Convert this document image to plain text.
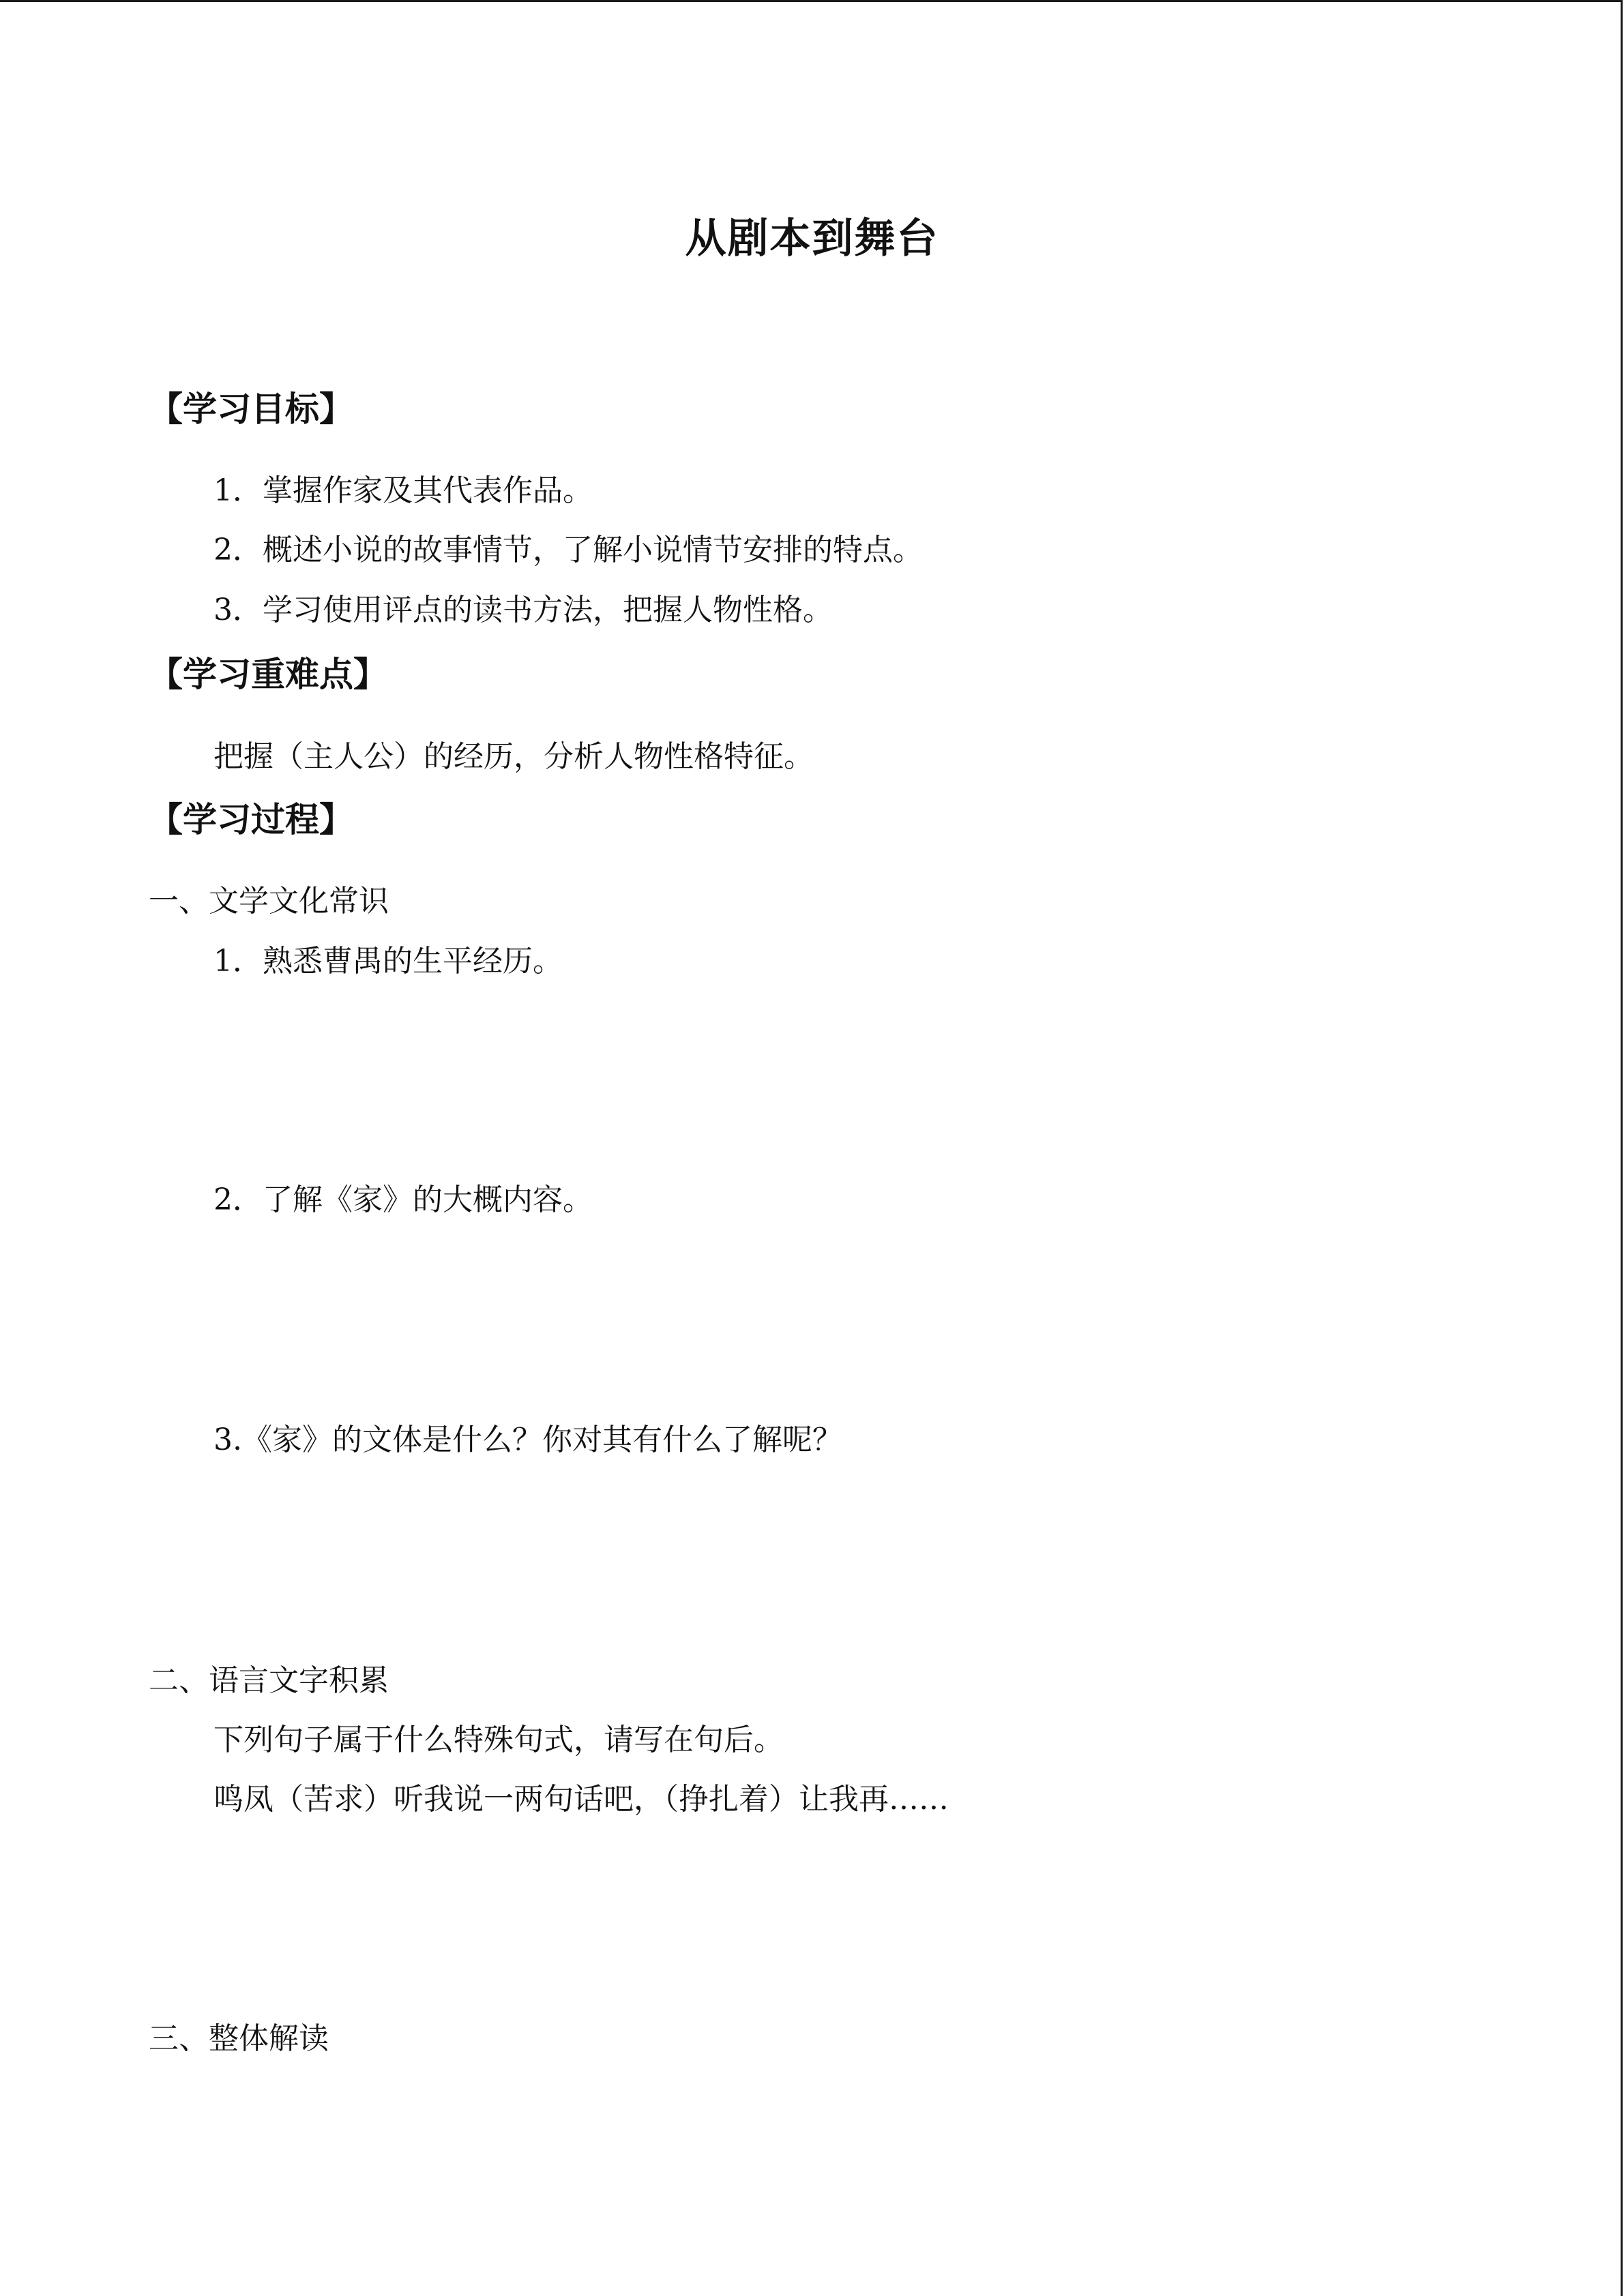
从剧本到舞台
【学习目标】
1．掌握作家及其代表作品。
2．概述小说的故事情节，了解小说情节安排的特点。
3．学习使用评点的读书方法，把握人物性格。
【学习重难点】
把握（主人公）的经历，分析人物性格特征。
【学习过程】
一、文学文化常识
1．熟悉曹禺的生平经历。
2．了解《家》的大概内容。
3.《家》的文体是什么？你对其有什么了解呢？
二、语言文字积累
下列句子属于什么特殊句式，请写在句后。
鸣凤（苦求）听我说一两句话吧，（挣扎着）让我再……
三、整体解读
